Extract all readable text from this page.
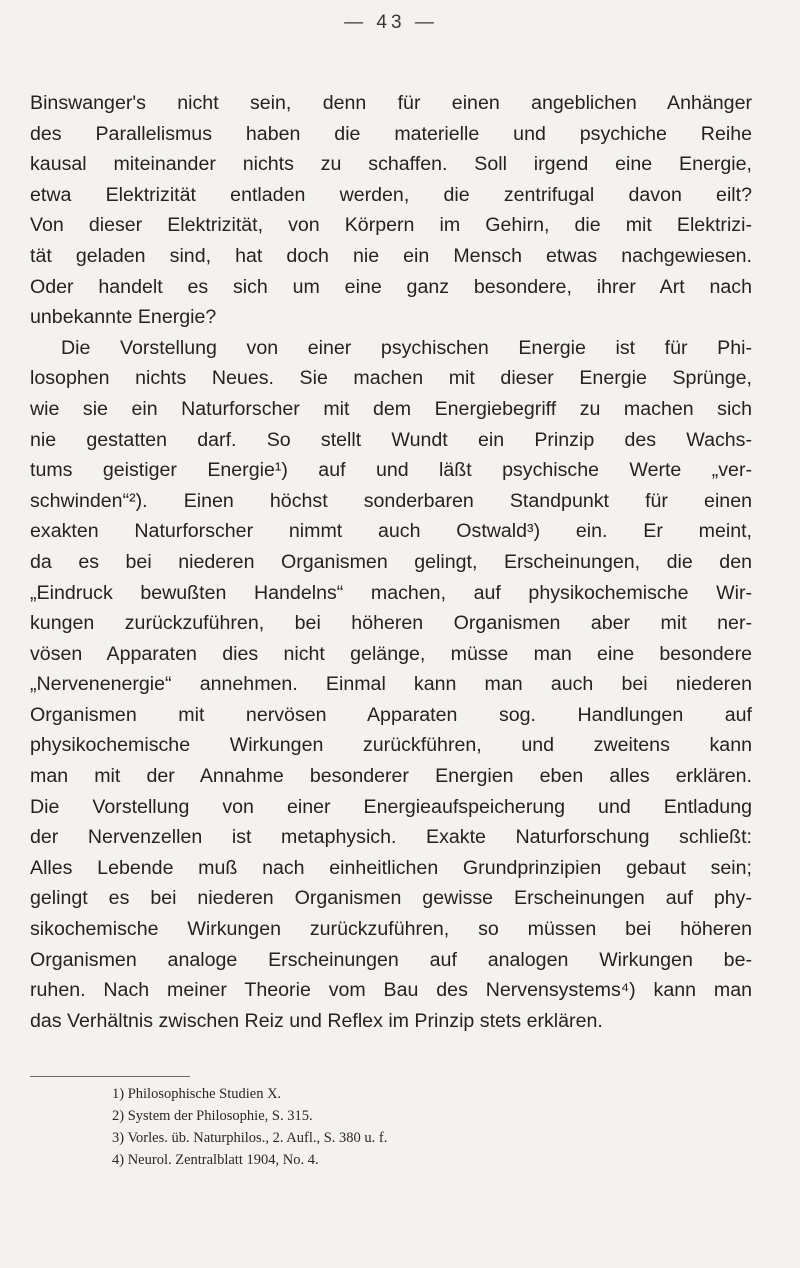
— 43 —
Binswanger's nicht sein, denn für einen angeblichen Anhänger
des Parallelismus haben die materielle und psychiche Reihe
kausal miteinander nichts zu schaffen. Soll irgend eine Energie,
etwa Elektrizität entladen werden, die zentrifugal davon eilt?
Von dieser Elektrizität, von Körpern im Gehirn, die mit Elektrizi-
tät geladen sind, hat doch nie ein Mensch etwas nachgewiesen.
Oder handelt es sich um eine ganz besondere, ihrer Art nach
unbekannte Energie?
Die Vorstellung von einer psychischen Energie ist für Phi-
losophen nichts Neues. Sie machen mit dieser Energie Sprünge,
wie sie ein Naturforscher mit dem Energiebegriff zu machen sich
nie gestatten darf. So stellt Wundt ein Prinzip des Wachs-
tums geistiger Energie¹) auf und läßt psychische Werte „ver-
schwinden“²). Einen höchst sonderbaren Standpunkt für einen
exakten Naturforscher nimmt auch Ostwald³) ein. Er meint,
da es bei niederen Organismen gelingt, Erscheinungen, die den
„Eindruck bewußten Handelns“ machen, auf physikochemische Wir-
kungen zurückzuführen, bei höheren Organismen aber mit ner-
vösen Apparaten dies nicht gelänge, müsse man eine besondere
„Nervenenergie“ annehmen. Einmal kann man auch bei niederen
Organismen mit nervösen Apparaten sog. Handlungen auf
physikochemische Wirkungen zurückführen, und zweitens kann
man mit der Annahme besonderer Energien eben alles erklären.
Die Vorstellung von einer Energieaufspeicherung und Entladung
der Nervenzellen ist metaphysich. Exakte Naturforschung schließt:
Alles Lebende muß nach einheitlichen Grundprinzipien gebaut sein;
gelingt es bei niederen Organismen gewisse Erscheinungen auf phy-
sikochemische Wirkungen zurückzuführen, so müssen bei höheren
Organismen analoge Erscheinungen auf analogen Wirkungen be-
ruhen. Nach meiner Theorie vom Bau des Nervensystems⁴) kann man
das Verhältnis zwischen Reiz und Reflex im Prinzip stets erklären.
1) Philosophische Studien X.
2) System der Philosophie, S. 315.
3) Vorles. üb. Naturphilos., 2. Aufl., S. 380 u. f.
4) Neurol. Zentralblatt 1904, No. 4.
